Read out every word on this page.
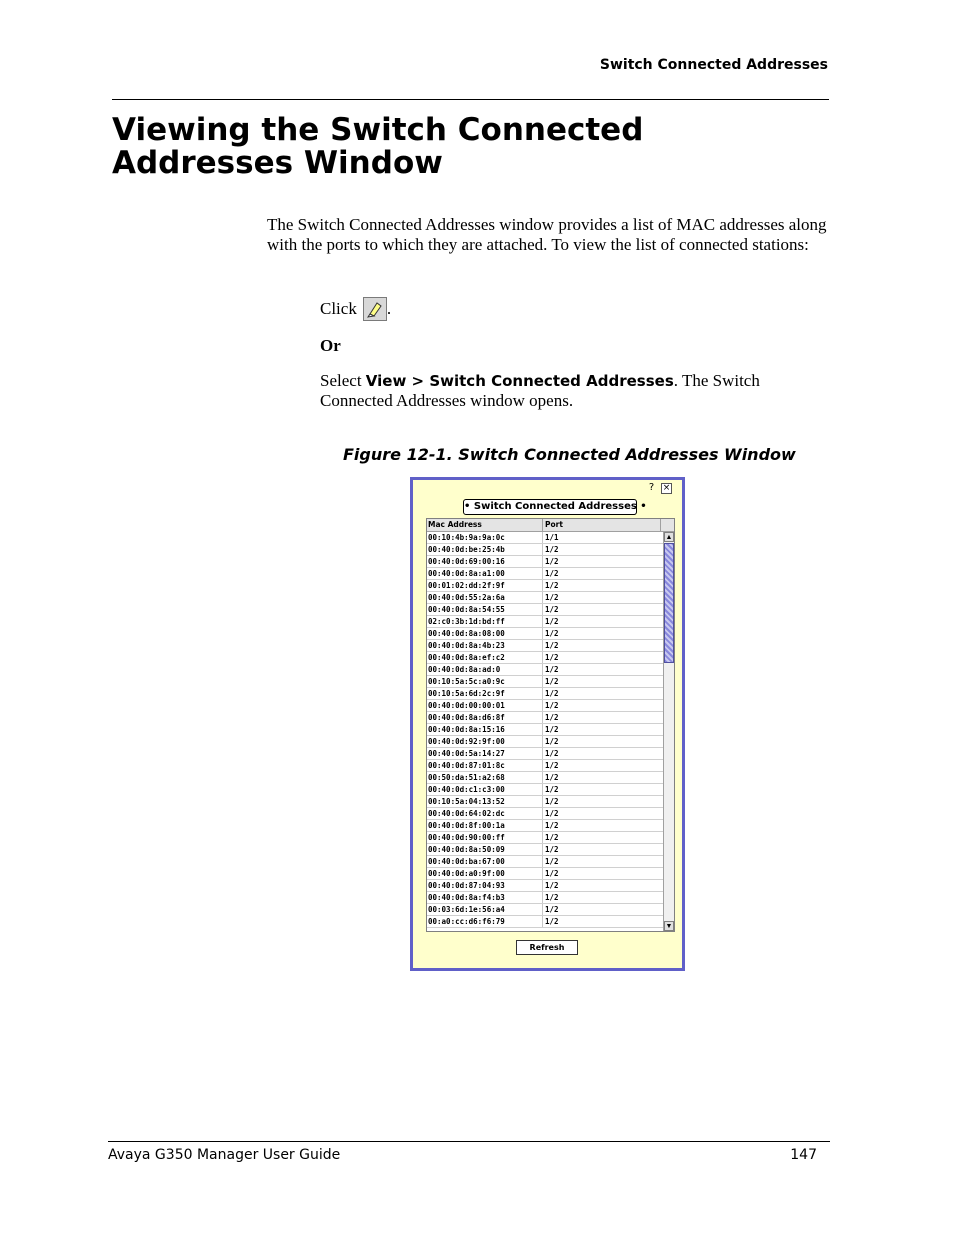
Switch Connected Addresses
Viewing the Switch Connected Addresses Window

The Switch Connected Addresses window provides a list of MAC addresses along with the ports to which they are attached. To view the list of connected stations:

Click .
Or

Select View > Switch Connected Addresses. The Switch Connected Addresses window opens.

Figure 12-1. Switch Connected Addresses Window
? ×
• Switch Connected Addresses •
Mac Address	Port
00:10:4b:9a:9a:0c	1/1
00:40:0d:be:25:4b	1/2
00:40:0d:69:00:16	1/2
00:40:0d:8a:a1:00	1/2
00:01:02:dd:2f:9f	1/2
00:40:0d:55:2a:6a	1/2
00:40:0d:8a:54:55	1/2
02:c0:3b:1d:bd:ff	1/2
00:40:0d:8a:08:00	1/2
00:40:0d:8a:4b:23	1/2
00:40:0d:8a:ef:c2	1/2
00:40:0d:8a:ad:0	1/2
00:10:5a:5c:a0:9c	1/2
00:10:5a:6d:2c:9f	1/2
00:40:0d:00:00:01	1/2
00:40:0d:8a:d6:8f	1/2
00:40:0d:8a:15:16	1/2
00:40:0d:92:9f:00	1/2
00:40:0d:5a:14:27	1/2
00:40:0d:87:01:8c	1/2
00:50:da:51:a2:68	1/2
00:40:0d:c1:c3:00	1/2
00:10:5a:04:13:52	1/2
00:40:0d:64:02:dc	1/2
00:40:0d:8f:00:1a	1/2
00:40:0d:90:00:ff	1/2
00:40:0d:8a:50:09	1/2
00:40:0d:ba:67:00	1/2
00:40:0d:a0:9f:00	1/2
00:40:0d:87:04:93	1/2
00:40:0d:8a:f4:b3	1/2
00:03:6d:1e:56:a4	1/2
00:a0:cc:d6:f6:79	1/2
▲
▼
Refresh
Avaya G350 Manager User Guide	147
